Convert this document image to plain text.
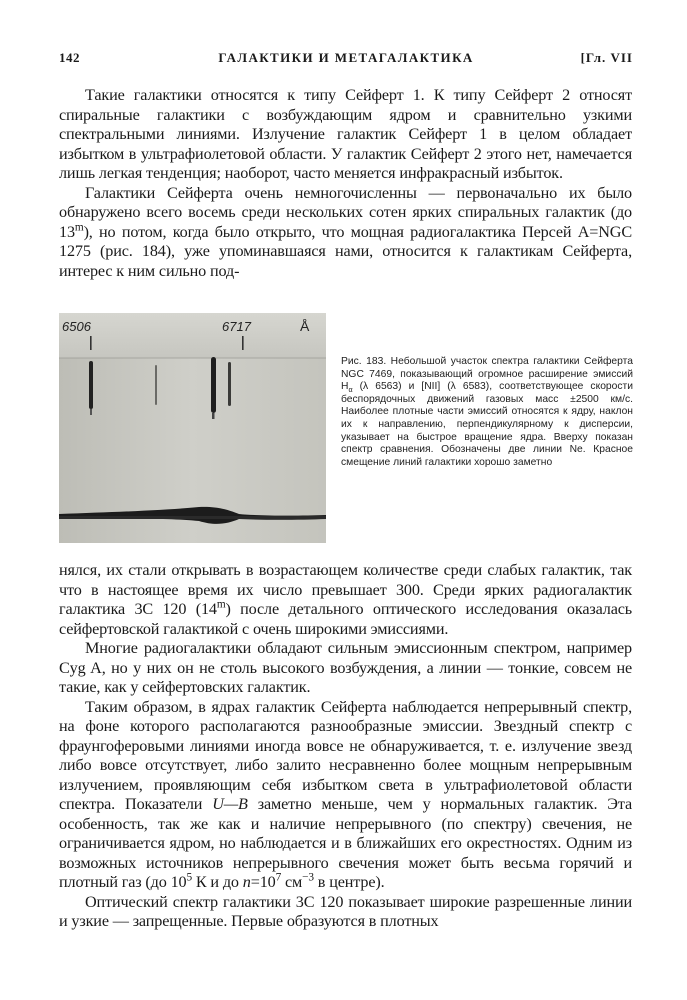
142	ГАЛАКТИКИ И МЕТАГАЛАКТИКА	[Гл. VII

Такие галактики относятся к типу Сейферт 1. К типу Сейферт 2 относят спиральные галактики с возбуждающим ядром и сравнительно узкими спектральными линиями. Излучение галактик Сейферт 1 в целом обладает избытком в ультрафиолетовой области. У галактик Сейферт 2 этого нет, намечается лишь легкая тенденция; наоборот, часто меняется инфракрасный избыток.

Галактики Сейферта очень немногочисленны — первоначально их было обнаружено всего восемь среди нескольких сотен ярких спиральных галактик (до 13$^m$), но потом, когда было открыто, что мощная радиогалактика Персей A=NGC 1275 (рис. 184), уже упоминавшаяся нами, относится к галактикам Сейферта, интерес к ним сильно под-

6506	6717	Å
Рис. 183. Небольшой участок спектра галактики Сейферта NGC 7469, показывающий огромное расширение эмиссий $H_\alpha$ (λ 6563) и [NII] (λ 6583), соответствующее скорости беспорядочных движений газовых масс ±2500 км/с. Наиболее плотные части эмиссий относятся к ядру, наклон их к направлению, перпендикулярному к дисперсии, указывает на быстрое вращение ядра. Вверху показан спектр сравнения. Обозначены две линии Ne. Красное смещение линий галактики хорошо заметно

нялся, их стали открывать в возрастающем количестве среди слабых галактик, так что в настоящее время их число превышает 300. Среди ярких радиогалактик галактика 3С 120 (14$^m$) после детального оптического исследования оказалась сейфертовской галактикой с очень широкими эмиссиями.

Многие радиогалактики обладают сильным эмиссионным спектром, например Cyg A, но у них он не столь высокого возбуждения, а линии — тонкие, совсем не такие, как у сейфертовских галактик.

Таким образом, в ядрах галактик Сейферта наблюдается непрерывный спектр, на фоне которого располагаются разнообразные эмиссии. Звездный спектр с фраунгоферовыми линиями иногда вовсе не обнаруживается, т. е. излучение звезд либо вовсе отсутствует, либо залито несравненно более мощным непрерывным излучением, проявляющим себя избытком света в ультрафиолетовой области спектра. Показатели U—B заметно меньше, чем у нормальных галактик. Эта особенность, так же как и наличие непрерывного (по спектру) свечения, не ограничивается ядром, но наблюдается и в ближайших его окрестностях. Одним из возможных источников непрерывного свечения может быть весьма горячий и плотный газ (до $10^5$ К и до $n=10^7$ $см^{-3}$ в центре).

Оптический спектр галактики 3С 120 показывает широкие разрешенные линии и узкие — запрещенные. Первые образуются в плотных
